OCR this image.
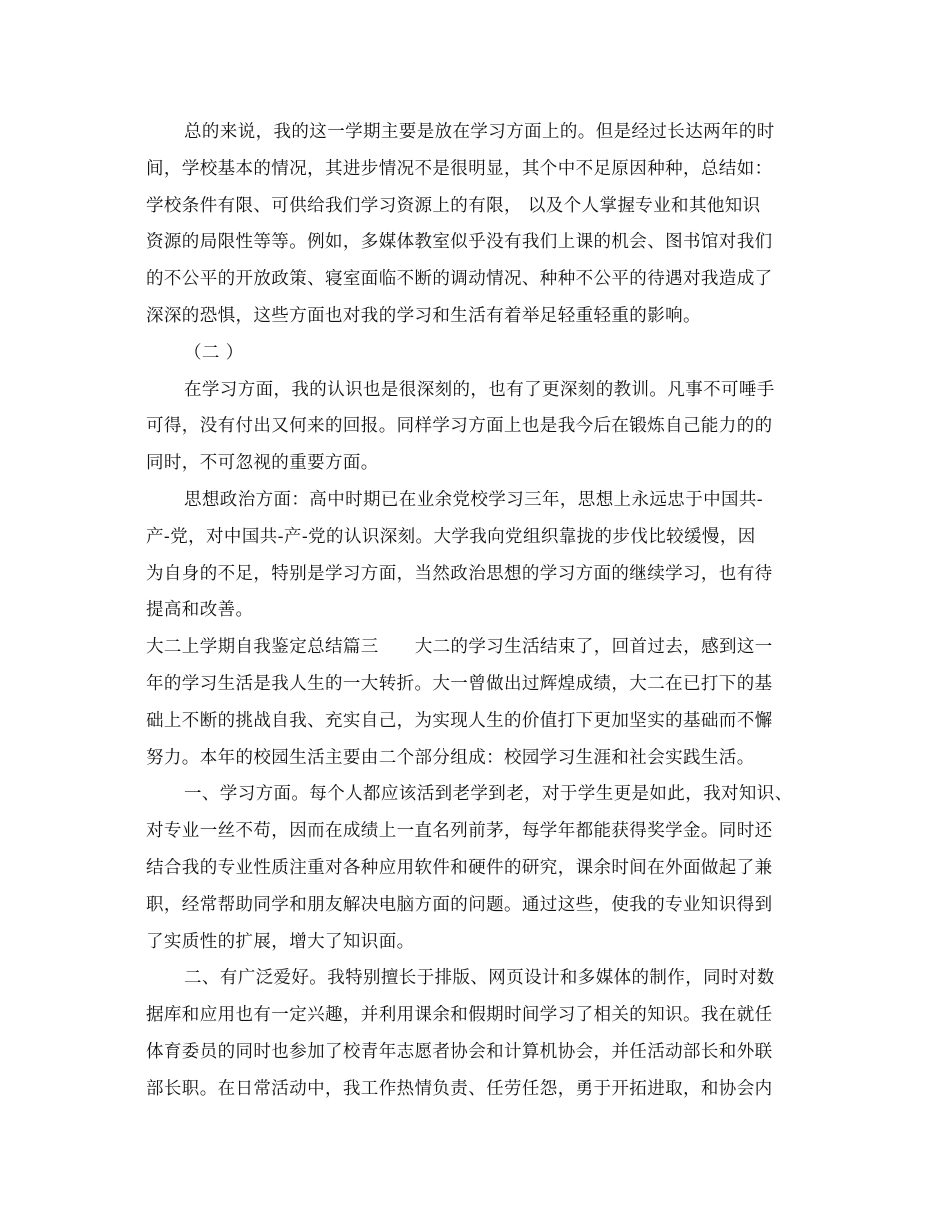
总的来说，我的这一学期主要是放在学习方面上的。但是经过长达两年的时
间，学校基本的情况，其进步情况不是很明显，其个中不足原因种种，总结如：
学校条件有限、可供给我们学习资源上的有限， 以及个人掌握专业和其他知识
资源的局限性等等。例如，多媒体教室似乎没有我们上课的机会、图书馆对我们
的不公平的开放政策、寝室面临不断的调动情况、种种不公平的待遇对我造成了
深深的恐惧，这些方面也对我的学习和生活有着举足轻重轻重的影响。
（二 ）
在学习方面，我的认识也是很深刻的，也有了更深刻的教训。凡事不可唾手
可得，没有付出又何来的回报。同样学习方面上也是我今后在锻炼自己能力的的
同时，不可忽视的重要方面。
思想政治方面：高中时期已在业余党校学习三年，思想上永远忠于中国共-
产-党，对中国共-产-党的认识深刻。大学我向党组织靠拢的步伐比较缓慢，因
为自身的不足，特别是学习方面，当然政治思想的学习方面的继续学习，也有待
提高和改善。
大二上学期自我鉴定总结篇三 大二的学习生活结束了，回首过去，感到这一
年的学习生活是我人生的一大转折。大一曾做出过辉煌成绩，大二在已打下的基
础上不断的挑战自我、充实自己，为实现人生的价值打下更加坚实的基础而不懈
努力。本年的校园生活主要由二个部分组成：校园学习生涯和社会实践生活。
一、学习方面。每个人都应该活到老学到老，对于学生更是如此，我对知识、
对专业一丝不苟，因而在成绩上一直名列前茅，每学年都能获得奖学金。同时还
结合我的专业性质注重对各种应用软件和硬件的研究，课余时间在外面做起了兼
职，经常帮助同学和朋友解决电脑方面的问题。通过这些，使我的专业知识得到
了实质性的扩展，增大了知识面。
二、有广泛爱好。我特别擅长于排版、网页设计和多媒体的制作，同时对数
据库和应用也有一定兴趣，并利用课余和假期时间学习了相关的知识。我在就任
体育委员的同时也参加了校青年志愿者协会和计算机协会，并任活动部长和外联
部长职。在日常活动中，我工作热情负责、任劳任怨，勇于开拓进取，和协会内
